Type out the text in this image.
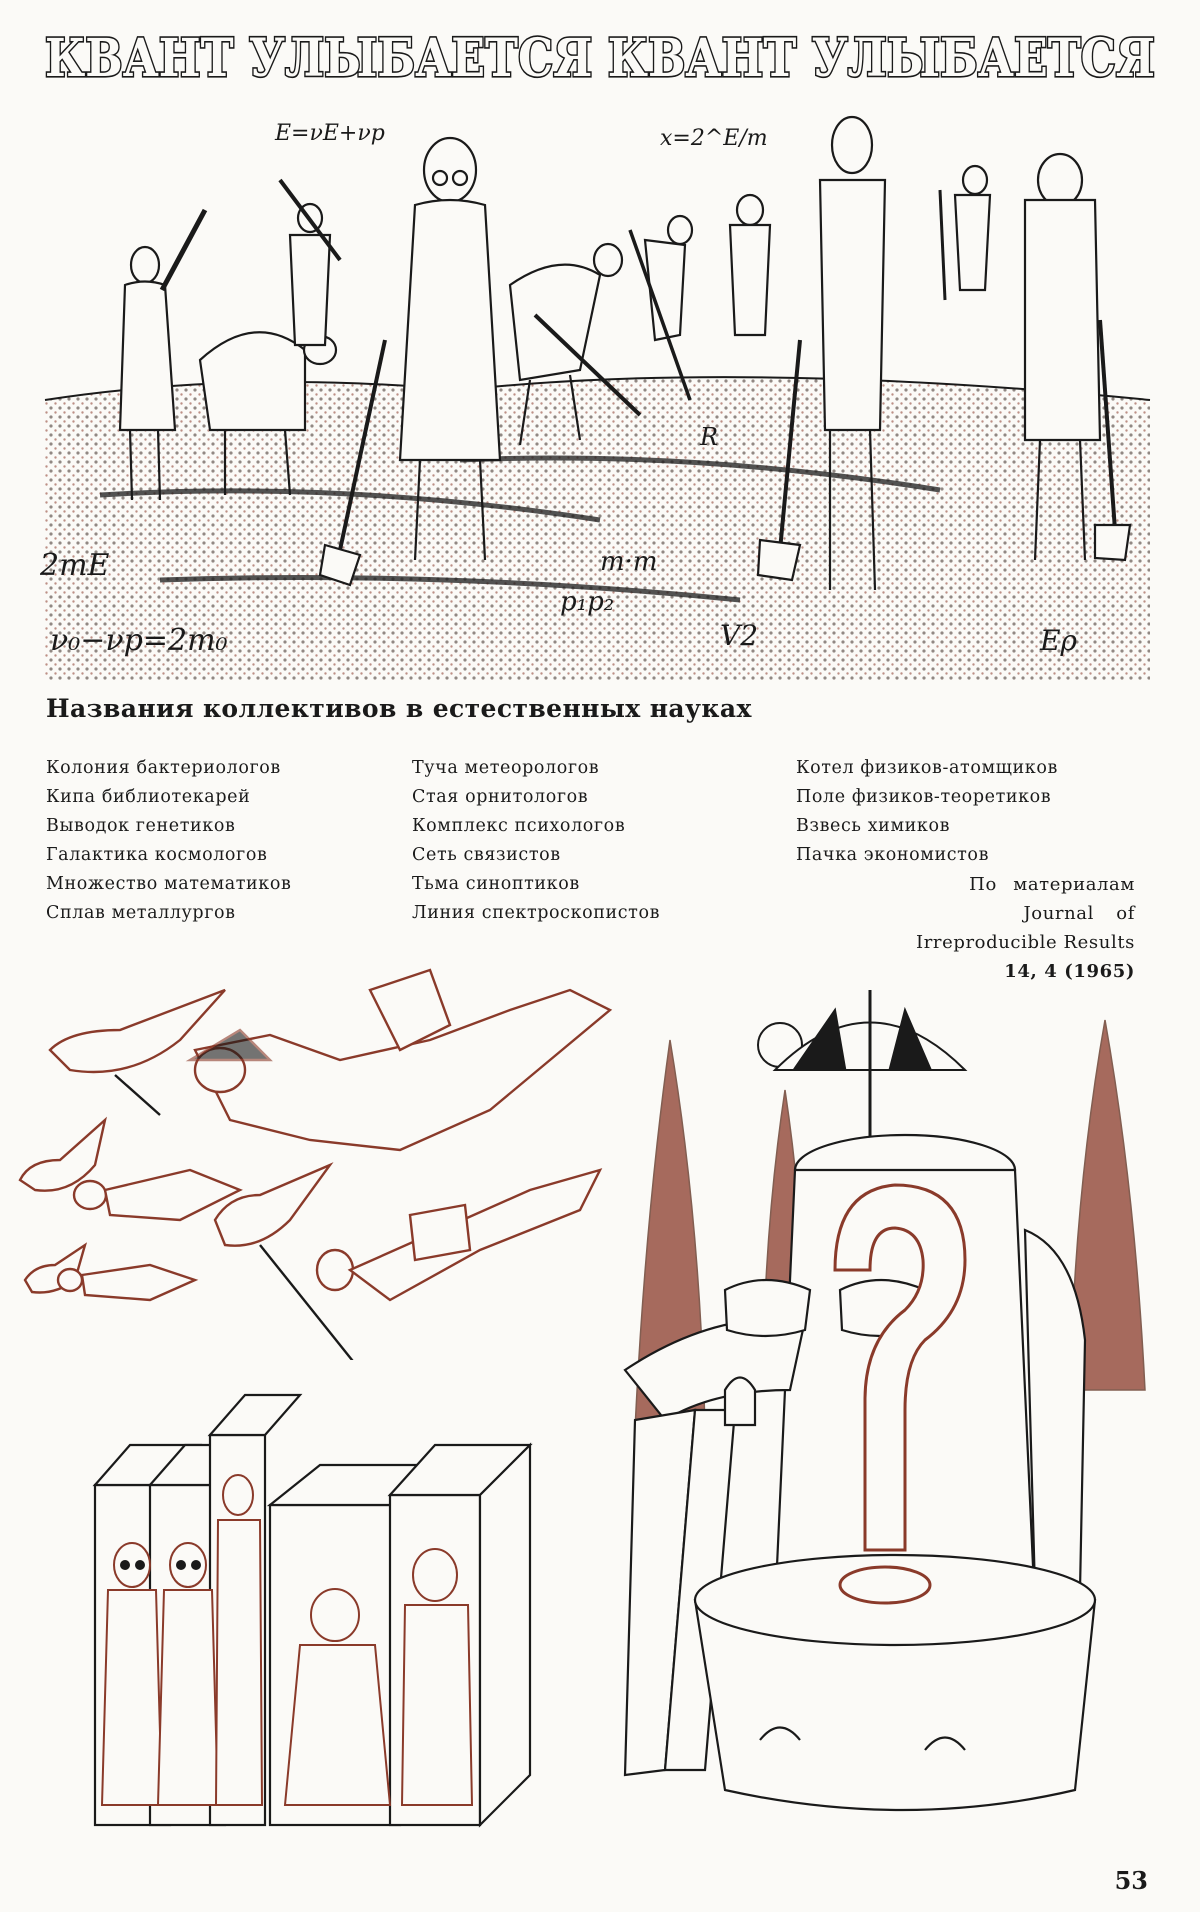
КВАНТ УЛЫБАЕТСЯ КВАНТ УЛЫБАЕТСЯ
E=νE+νp	x=2^E/m
2mE
ν₀−νp=2m₀
m·m
V2
p₁p₂
Eρ
R
Названия коллективов в естественных науках
Колония бактериологов
Кипа библиотекарей
Выводок генетиков
Галактика космологов
Множество математиков
Сплав металлургов
Туча метеорологов
Стая орнитологов
Комплекс психологов
Сеть связистов
Тьма синоптиков
Линия спектроскопистов
Котел физиков-атомщиков
Поле физиков-теоретиков
Взвесь химиков
Пачка экономистов
По материалам
Journal of
Irreproducible Results
14, 4 (1965)
53
